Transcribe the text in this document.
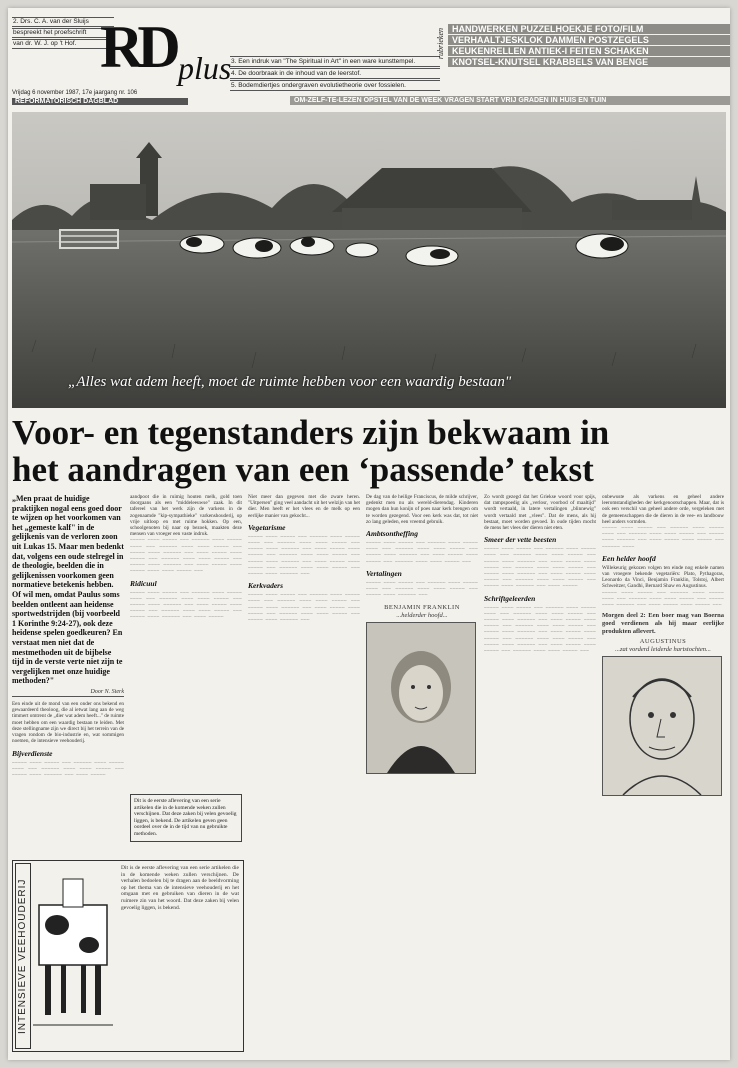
2. Drs. C. A. van der Sluijs
bespreekt het proefschrift
van dr. W. J. op 't Hof. RD plus
Vrijdag 6 november 1987, 17e jaargang nr. 106
REFORMATORISCH DAGBLAD
3. Een indruk van "The Spiritual in Art" in een ware kunsttempel.
4. De doorbraak in de inhoud van de leerstof.
5. Bodemdiertjes ondergraven evolutietheorie over fossielen.
rubrieken HANDWERKEN PUZZELHOEKJE FOTO/FILM
VERHAALTJESKLOK DAMMEN POSTZEGELS
KEUKENRELLEN ANTIEK-I FEITEN SCHAKEN
KNOTSEL-KNUTSEL KRABBELS VAN BENGE
OM-ZELF-TE-LEZEN OPSTEL VAN DE WEEK VRAGEN START VRIJ GRADEN IN HUIS EN TUIN
„Alles wat adem heeft, moet de ruimte hebben voor een waardig bestaan"
Voor- en tegenstanders zijn bekwaam in het aandragen van een ‘passende’ tekst
„Men praat de huidige praktijken nogal eens goed door te wijzen op het voorkomen van het „gemeste kalf" in de gelijkenis van de verloren zoon uit Lukas 15. Maar men bedenkt dat, volgens een oude stelregel in de theologie, beelden die in gelijkenissen voorkomen geen normatieve betekenis hebben. Of wil men, omdat Paulus soms beelden ontleent aan heidense sportwedstrijden (bij voorbeeld 1 Korinthe 9:24-27), ook deze heidense spelen goedkeuren? En verstaat men niet dat de mestmethoden uit de bijbelse tijd in de verste verte niet zijn te vergelijken met onze huidige methoden?"
Door N. Sterk
Een einde uit de mond van een onder ons bekend en gewaardeerd theoloog, die al ietwat lang aan de weg timmert omtrent de „dier wat adem heeft..." de ruimte moet hebben om een waardig bestaan te leiden. Met deze stellingname zijn we direct bij het terrein van de vragen rondom de bio-industrie en, wat sommigen noemen, de intensieve veehouderij.
Bijverdienste
~~~~~ ~~~~ ~~~~~ ~~~ ~~~~~~ ~~~~ ~~~~~ ~~~~ ~~~ ~~~~~~ ~~~~ ~~~~ ~~~~~ ~~~ ~~~~~ ~~~~ ~~~~~~ ~~~ ~~~~ ~~~~~
aandpoot die in ruimig houten melk, gold toen doorgaans als een "middeleeuwse" zaak. In dit tafereel van het werk zijn de varkens in de zogenaamde "kip-sympathieke" varkenshouderij, op vrije uitloop en met ruime hokken. Op een, schoolgenoten bij naar op bezoek, maakten deze mensen van vroeger een vaste indruk.
~~~~~ ~~~~ ~~~~~ ~~~ ~~~~~~ ~~~~ ~~~~~ ~~~~ ~~~ ~~~~~~ ~~~~ ~~~~ ~~~~~ ~~~ ~~~~~ ~~~~ ~~~~~~ ~~~ ~~~~ ~~~~~ ~~~~ ~~~~~ ~~~ ~~~~~~ ~~~~ ~~~~ ~~~~~ ~~~ ~~~~~ ~~~~ ~~~~~~ ~~~ ~~~~ ~~~~~ ~~~~ ~~~~~ ~~~~ ~~~~ ~~~~~ ~~~
Ridicuul
~~~~~ ~~~~ ~~~~~ ~~~ ~~~~~~ ~~~~ ~~~~~ ~~~~ ~~~ ~~~~~~ ~~~~ ~~~~ ~~~~~ ~~~ ~~~~~ ~~~~ ~~~~~~ ~~~ ~~~~ ~~~~~ ~~~~ ~~~~~ ~~~ ~~~~~~ ~~~~ ~~~~ ~~~~~ ~~~ ~~~~~ ~~~~ ~~~~~~ ~~~ ~~~~ ~~~~~
Niet meer dan gegeven met die zware heren. "Uitpersen" ging veel aandacht uit het welzijn van het dier. Men heeft er het vlees en de melk op een eerlijke manier van gekocht...
Vegetarisme
~~~~~ ~~~~ ~~~~~ ~~~ ~~~~~~ ~~~~ ~~~~~ ~~~~ ~~~ ~~~~~~ ~~~~ ~~~~ ~~~~~ ~~~ ~~~~~ ~~~~ ~~~~~~ ~~~ ~~~~ ~~~~~ ~~~~ ~~~~~ ~~~ ~~~~~~ ~~~~ ~~~~ ~~~~~ ~~~ ~~~~~ ~~~~ ~~~~~~ ~~~ ~~~~ ~~~~~ ~~~~ ~~~~~ ~~~ ~~~~~~ ~~~~ ~~~~ ~~~~~ ~~~ ~~~~~ ~~~~ ~~~~~~ ~~~
Kerkvaders
~~~~~ ~~~~ ~~~~~ ~~~ ~~~~~~ ~~~~ ~~~~~ ~~~~ ~~~ ~~~~~~ ~~~~ ~~~~ ~~~~~ ~~~ ~~~~~ ~~~~ ~~~~~~ ~~~ ~~~~ ~~~~~ ~~~~ ~~~~~ ~~~ ~~~~~~ ~~~~ ~~~~ ~~~~~ ~~~ ~~~~~ ~~~~ ~~~~~~ ~~~
De dag van de heilige Franciscus, de milde schrijver, gedenkt men nu als wereld-dierendag. Kinderen mogen dan hun konijn of poes naar kerk brengen om te worden gezegend. Voor een kerk was dat, tot niet zo lang geleden, een vreemd gebruik.
Ambtsontheffing
~~~~~ ~~~~ ~~~~~ ~~~ ~~~~~~ ~~~~ ~~~~~ ~~~~ ~~~ ~~~~~~ ~~~~ ~~~~ ~~~~~ ~~~ ~~~~~ ~~~~ ~~~~~~ ~~~ ~~~~ ~~~~~ ~~~~ ~~~~~ ~~~ ~~~~~~ ~~~~ ~~~~ ~~~~~ ~~~
Vertalingen
~~~~~ ~~~~ ~~~~~ ~~~ ~~~~~~ ~~~~ ~~~~~ ~~~~ ~~~ ~~~~~~ ~~~~ ~~~~ ~~~~~ ~~~ ~~~~~ ~~~~ ~~~~~~ ~~~
BENJAMIN FRANKLIN
...helderder hoofd...
Zo wordt gezegd dat het Griekse woord voor spijs, dat rampspoedig als „verlosr, voorbod of maaltijd" wordt vertaald, in latere vertalingen „blinnewig" wordt vertaald met „vlees". Dat de mens, als hij bestaat, moet worden gevoed. In oude tijden mocht de mens het vlees der dieren niet eten.
Smeer der vette beesten
~~~~~ ~~~~ ~~~~~ ~~~ ~~~~~~ ~~~~ ~~~~~ ~~~~ ~~~ ~~~~~~ ~~~~ ~~~~ ~~~~~ ~~~ ~~~~~ ~~~~ ~~~~~~ ~~~ ~~~~ ~~~~~ ~~~~ ~~~~~ ~~~ ~~~~~~ ~~~~ ~~~~ ~~~~~ ~~~ ~~~~~ ~~~~ ~~~~~~ ~~~ ~~~~ ~~~~~ ~~~~ ~~~~~ ~~~ ~~~~~~ ~~~~ ~~~~ ~~~~~ ~~~ ~~~~~ ~~~~ ~~~~~~ ~~~ ~~~~ ~~~~~
Schriftgeleerden
~~~~~ ~~~~ ~~~~~ ~~~ ~~~~~~ ~~~~ ~~~~~ ~~~~ ~~~ ~~~~~~ ~~~~ ~~~~ ~~~~~ ~~~ ~~~~~ ~~~~ ~~~~~~ ~~~ ~~~~ ~~~~~ ~~~~ ~~~~~ ~~~ ~~~~~~ ~~~~ ~~~~ ~~~~~ ~~~ ~~~~~ ~~~~ ~~~~~~ ~~~ ~~~~ ~~~~~ ~~~~ ~~~~~ ~~~ ~~~~~~ ~~~~ ~~~~ ~~~~~ ~~~ ~~~~~ ~~~~ ~~~~~~ ~~~ ~~~~ ~~~~~ ~~~~ ~~~~~ ~~~ ~~~~~~ ~~~~ ~~~~ ~~~~~ ~~~
onbewuste als varkens en geheel andere leeromstandigheden der kerkgenootschappen. Maar, dat is ook een verschil van geheel andere orde, vergeleken met de gemeenschappen die de dieren in de vee- en landbouw heel anders vormden.
~~~~~ ~~~~ ~~~~~ ~~~ ~~~~~~ ~~~~ ~~~~~ ~~~~ ~~~ ~~~~~~ ~~~~ ~~~~ ~~~~~ ~~~ ~~~~~ ~~~~ ~~~~~~ ~~~ ~~~~ ~~~~~ ~~~~ ~~~~~ ~~~ ~~~~~~ ~~~~
Een helder hoofd
Willekeurig gekozen volgen ten einde nog enkele namen van vroegere bekende vegetariërs: Plato, Pythagoras, Leonardo da Vinci, Benjamin Franklin, Tolstoj, Albert Schweitzer, Gandhi, Bernard Shaw en Augustinus.
~~~~~ ~~~~ ~~~~~ ~~~ ~~~~~~ ~~~~ ~~~~~ ~~~~ ~~~ ~~~~~~ ~~~~ ~~~~ ~~~~~ ~~~ ~~~~~ ~~~~ ~~~~~~ ~~~ ~~~~ ~~~~~ ~~~~ ~~~~~ ~~~
Morgen deel 2: Een boer mag van Boerna goed verdienen als hij maar eerlijke produkten aflevert.
AUGUSTINUS
...zat vorderd leiderde hartstochten...
Dit is de eerste aflevering van een serie artikelen die in de komende weken zullen verschijnen. Dat deze zaken bij velen gevoelig liggen, is bekend. De artikelen geven geen oordeel over de in de tijd van nu gebruikte methoden.
INTENSIEVE VEEHOUDERIJ
Dit is de eerste aflevering van een serie artikelen die in de komende weken zullen verschijnen. De verhalen bedoelen bij te dragen aan de beeldvorming op het thema van de intensieve veehouderij en het omgaan met en gebruiken van dieren in de wat ruimere zin van het woord. Dat deze zaken bij velen gevoelig liggen, is bekend.
